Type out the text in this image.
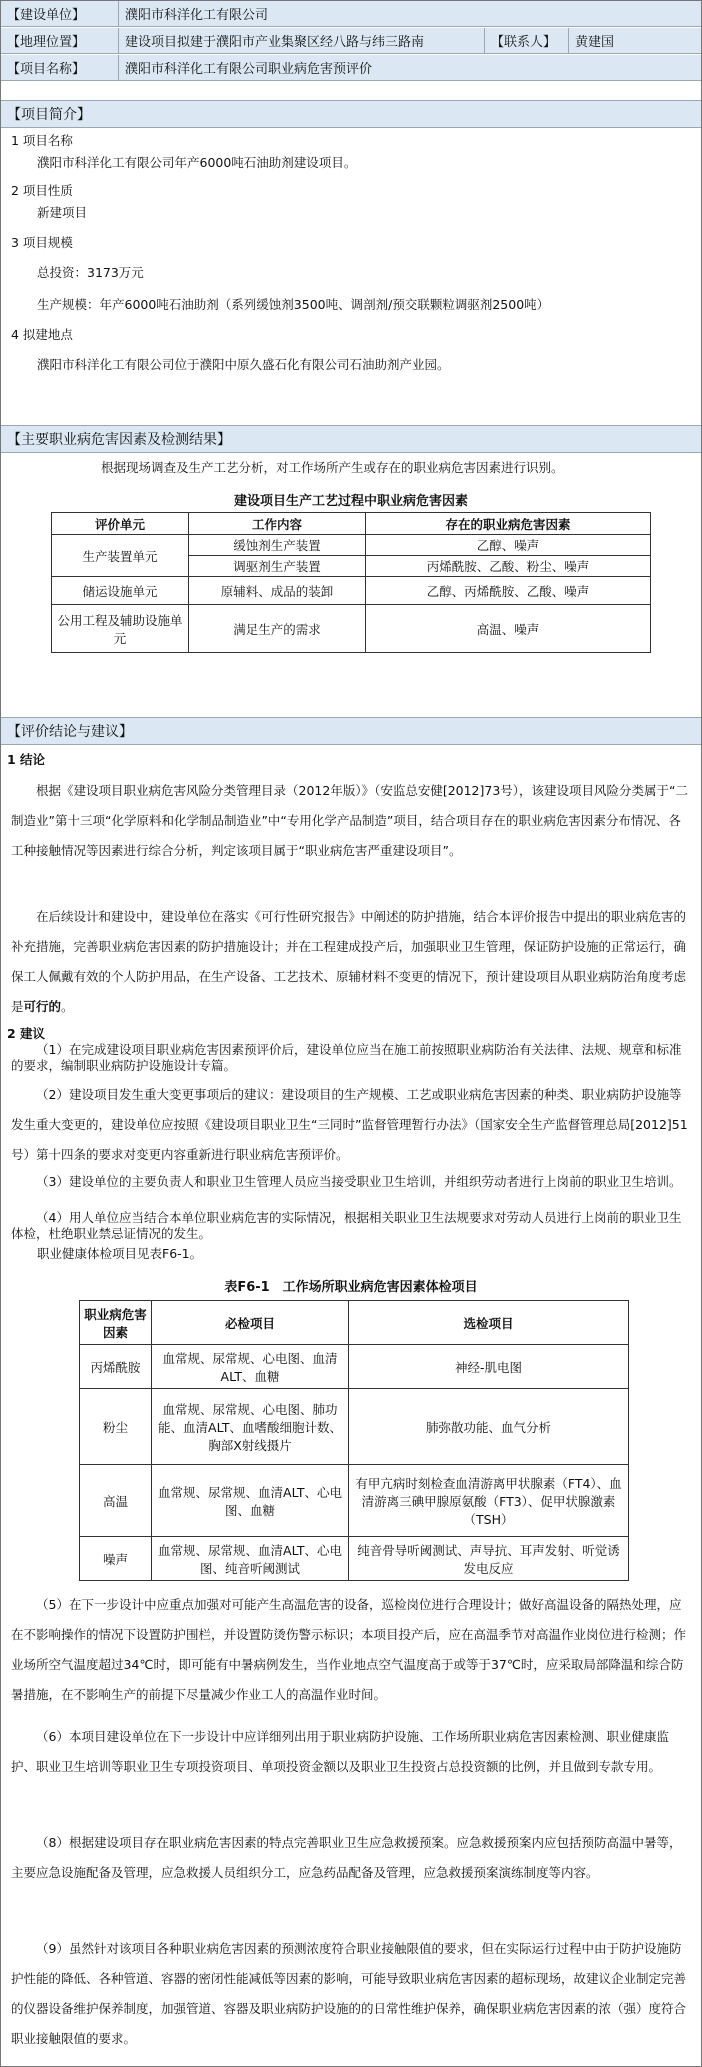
【建设单位】	濮阳市科洋化工有限公司
【地理位置】	建设项目拟建于濮阳市产业集聚区经八路与纬三路南	【联系人】	黄建国
【项目名称】	濮阳市科洋化工有限公司职业病危害预评价
【项目简介】
1 项目名称
濮阳市科洋化工有限公司年产6000吨石油助剂建设项目。
2 项目性质
新建项目
3 项目规模
总投资：3173万元
生产规模：年产6000吨石油助剂（系列缓蚀剂3500吨、调剖剂/预交联颗粒调驱剂2500吨）
4 拟建地点
濮阳市科洋化工有限公司位于濮阳中原久盛石化有限公司石油助剂产业园。
【主要职业病危害因素及检测结果】
根据现场调查及生产工艺分析，对工作场所产生或存在的职业病危害因素进行识别。
建设项目生产工艺过程中职业病危害因素
评价单元	工作内容	存在的职业病危害因素
生产装置单元	缓蚀剂生产装置	乙醇、噪声
	调驱剂生产装置	丙烯酰胺、乙酸、粉尘、噪声
储运设施单元	原辅料、成品的装卸	乙醇、丙烯酰胺、乙酸、噪声
公用工程及辅助设施单元	满足生产的需求	高温、噪声
【评价结论与建议】
1 结论
根据《建设项目职业病危害风险分类管理目录（2012年版）》（安监总安健[2012]73号），该建设项目风险分类属于“二 制造业”第十三项“化学原料和化学制品制造业”中“专用化学产品制造”项目，结合项目存在的职业病危害因素分布情况、各工种接触情况等因素进行综合分析，判定该项目属于“职业病危害严重建设项目”。
在后续设计和建设中，建设单位在落实《可行性研究报告》中阐述的防护措施，结合本评价报告中提出的职业病危害的补充措施，完善职业病危害因素的防护措施设计；并在工程建成投产后，加强职业卫生管理，保证防护设施的正常运行，确保工人佩戴有效的个人防护用品，在生产设备、工艺技术、原辅材料不变更的情况下，预计建设项目从职业病防治角度考虑是可行的。
2 建议
（1）在完成建设项目职业病危害因素预评价后，建设单位应当在施工前按照职业病防治有关法律、法规、规章和标准的要求，编制职业病防护设施设计专篇。
（2）建设项目发生重大变更事项后的建议：建设项目的生产规模、工艺或职业病危害因素的种类、职业病防护设施等发生重大变更的，建设单位应按照《建设项目职业卫生“三同时”监督管理暂行办法》（国家安全生产监督管理总局[2012]51号）第十四条的要求对变更内容重新进行职业病危害预评价。
（3）建设单位的主要负责人和职业卫生管理人员应当接受职业卫生培训，并组织劳动者进行上岗前的职业卫生培训。
（4）用人单位应当结合本单位职业病危害的实际情况，根据相关职业卫生法规要求对劳动人员进行上岗前的职业卫生体检，杜绝职业禁忌证情况的发生。
职业健康体检项目见表F6-1。
表F6-1　工作场所职业病危害因素体检项目
职业病危害因素	必检项目	选检项目
丙烯酰胺	血常规、尿常规、心电图、血清ALT、血糖	神经-肌电图
粉尘	血常规、尿常规、心电图、肺功能、血清ALT、血嗜酸细胞计数、胸部X射线摄片	肺弥散功能、血气分析
高温	血常规、尿常规、血清ALT、心电图、血糖	有甲亢病时刻检查血清游离甲状腺素（FT4）、血清游离三碘甲腺原氨酸（FT3）、促甲状腺激素（TSH）
噪声	血常规、尿常规、血清ALT、心电图、纯音听阈测试	纯音骨导听阈测试、声导抗、耳声发射、听觉诱发电反应
（5）在下一步设计中应重点加强对可能产生高温危害的设备，巡检岗位进行合理设计；做好高温设备的隔热处理，应在不影响操作的情况下设置防护围栏，并设置防烫伤警示标识；本项目投产后，应在高温季节对高温作业岗位进行检测；作业场所空气温度超过34℃时，即可能有中暑病例发生，当作业地点空气温度高于或等于37℃时，应采取局部降温和综合防暑措施，在不影响生产的前提下尽量减少作业工人的高温作业时间。
（6）本项目建设单位在下一步设计中应详细列出用于职业病防护设施、工作场所职业病危害因素检测、职业健康监护、职业卫生培训等职业卫生专项投资项目、单项投资金额以及职业卫生投资占总投资额的比例，并且做到专款专用。
（8）根据建设项目存在职业病危害因素的特点完善职业卫生应急救援预案。应急救援预案内应包括预防高温中暑等，主要应急设施配备及管理，应急救援人员组织分工，应急药品配备及管理，应急救援预案演练制度等内容。
（9）虽然针对该项目各种职业病危害因素的预测浓度符合职业接触限值的要求，但在实际运行过程中由于防护设施防护性能的降低、各种管道、容器的密闭性能减低等因素的影响，可能导致职业病危害因素的超标现场，故建议企业制定完善的仪器设备维护保养制度，加强管道、容器及职业病防护设施的的日常性维护保养，确保职业病危害因素的浓（强）度符合职业接触限值的要求。
